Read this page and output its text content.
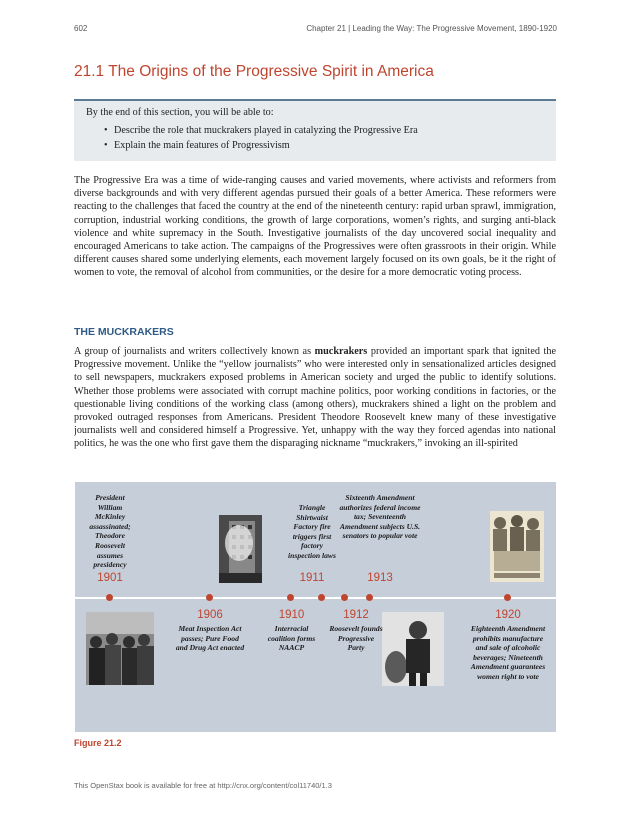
602	Chapter 21 | Leading the Way: The Progressive Movement, 1890-1920
21.1 The Origins of the Progressive Spirit in America
By the end of this section, you will be able to:
• Describe the role that muckrakers played in catalyzing the Progressive Era
• Explain the main features of Progressivism

The Progressive Era was a time of wide-ranging causes and varied movements, where activists and reformers from diverse backgrounds and with very different agendas pursued their goals of a better America. These reformers were reacting to the challenges that faced the country at the end of the nineteenth century: rapid urban sprawl, immigration, corruption, industrial working conditions, the growth of large corporations, women’s rights, and surging anti-black violence and white supremacy in the South. Investigative journalists of the day uncovered social inequality and encouraged Americans to take action. The campaigns of the Progressives were often grassroots in their origin. While different causes shared some underlying elements, each movement largely focused on its own goals, be it the right of women to vote, the removal of alcohol from communities, or the desire for a more democratic voting process.

THE MUCKRAKERS

A group of journalists and writers collectively known as muckrakers provided an important spark that ignited the Progressive movement. Unlike the “yellow journalists” who were interested only in sensationalized articles designed to sell newspapers, muckrakers exposed problems in American society and urged the public to identify solutions. Whether those problems were associated with corrupt machine politics, poor working conditions in factories, or the questionable living conditions of the working class (among others), muckrakers shined a light on the problem and provoked outraged responses from Americans. President Theodore Roosevelt knew many of these investigative journalists well and considered himself a Progressive. Yet, unhappy with the way they forced agendas into national politics, he was the one who first gave them the disparaging nickname “muckrakers,” invoking an ill-spirited

President William McKinley assassinated; Theodore Roosevelt assumes presidency
1901
1906
Meat Inspection Act passes; Pure Food and Drug Act enacted
1910
Interracial coalition forms NAACP
Triangle Shirtwaist Factory fire triggers first factory inspection laws
1911
1912
Roosevelt founds Progressive Party
Sixteenth Amendment authorizes federal income tax; Seventeenth Amendment subjects U.S. senators to popular vote
1913
1920
Eighteenth Amendment prohibits manufacture and sale of alcoholic beverages; Nineteenth Amendment guarantees women right to vote
Figure 21.2
This OpenStax book is available for free at http://cnx.org/content/col11740/1.3
